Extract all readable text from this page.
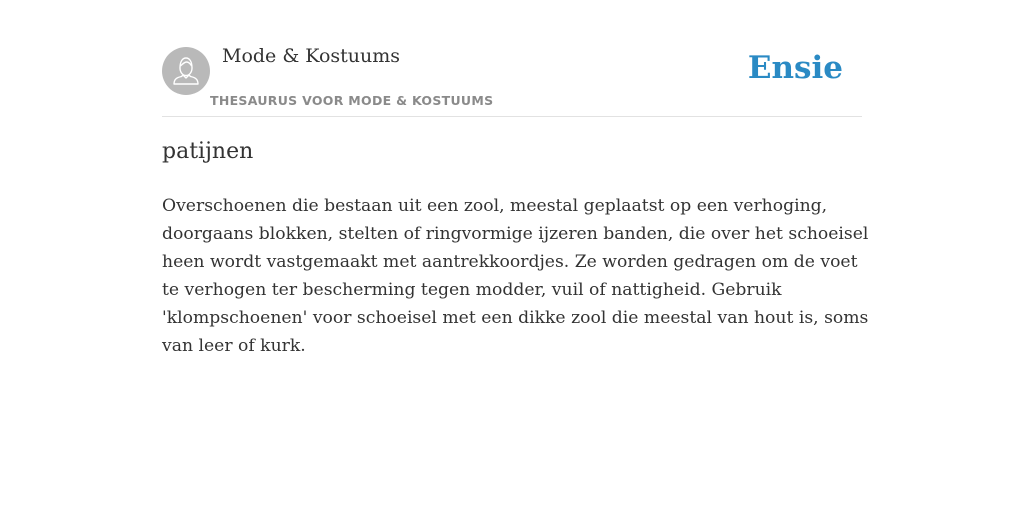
Mode & Kostuums
THESAURUS VOOR MODE & KOSTUUMS
Ensie
patijnen

Overschoenen die bestaan uit een zool, meestal geplaatst op een verhoging, doorgaans blokken, stelten of ringvormige ijzeren banden, die over het schoeisel heen wordt vastgemaakt met aantrekkoordjes. Ze worden gedragen om de voet te verhogen ter bescherming tegen modder, vuil of nattigheid. Gebruik 'klompschoenen' voor schoeisel met een dikke zool die meestal van hout is, soms van leer of kurk.
